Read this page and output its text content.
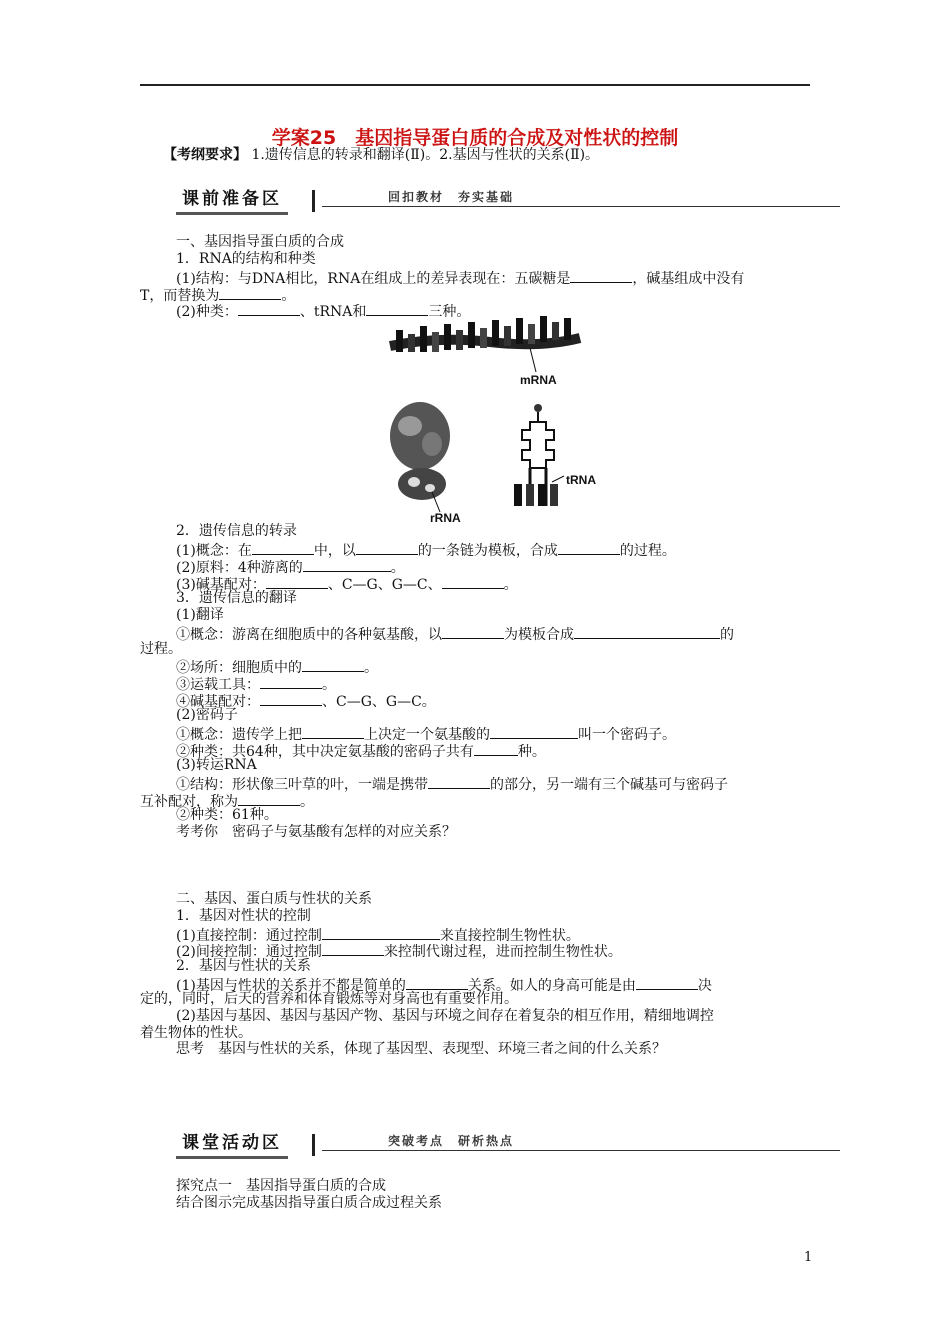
学案25　基因指导蛋白质的合成及对性状的控制
【考纲要求】 1.遗传信息的转录和翻译(Ⅱ)。2.基因与性状的关系(Ⅱ)。
课前准备区	回扣教材　夯实基础
一、基因指导蛋白质的合成
1．RNA的结构和种类
(1)结构：与DNA相比，RNA在组成上的差异表现在：五碳糖是	，碱基组成中没有
T，而替换为	。
(2)种类：	、tRNA和	三种。
mRNA
rRNA
tRNA
2．遗传信息的转录
(1)概念：在	中，以	的一条链为模板，合成	的过程。
(2)原料：4种游离的	。
(3)碱基配对：	、C—G、G—C、	。
3．遗传信息的翻译
(1)翻译
①概念：游离在细胞质中的各种氨基酸，以	为模板合成	的
过程。
②场所：细胞质中的	。
③运载工具：	。
④碱基配对：	、C—G、G—C。
(2)密码子
①概念：遗传学上把	上决定一个氨基酸的	叫一个密码子。
②种类：共64种，其中决定氨基酸的密码子共有	种。
(3)转运RNA
①结构：形状像三叶草的叶，一端是携带	的部分，另一端有三个碱基可与密码子
互补配对，称为	。
②种类：61种。
考考你　密码子与氨基酸有怎样的对应关系？
二、基因、蛋白质与性状的关系
1．基因对性状的控制
(1)直接控制：通过控制	来直接控制生物性状。
(2)间接控制：通过控制	来控制代谢过程，进而控制生物性状。
2．基因与性状的关系
(1)基因与性状的关系并不都是简单的	关系。如人的身高可能是由	决
定的，同时，后天的营养和体育锻炼等对身高也有重要作用。
(2)基因与基因、基因与基因产物、基因与环境之间存在着复杂的相互作用，精细地调控
着生物体的性状。
思考　基因与性状的关系，体现了基因型、表现型、环境三者之间的什么关系？
课堂活动区	突破考点　研析热点
探究点一　基因指导蛋白质的合成
结合图示完成基因指导蛋白质合成过程关系
1
